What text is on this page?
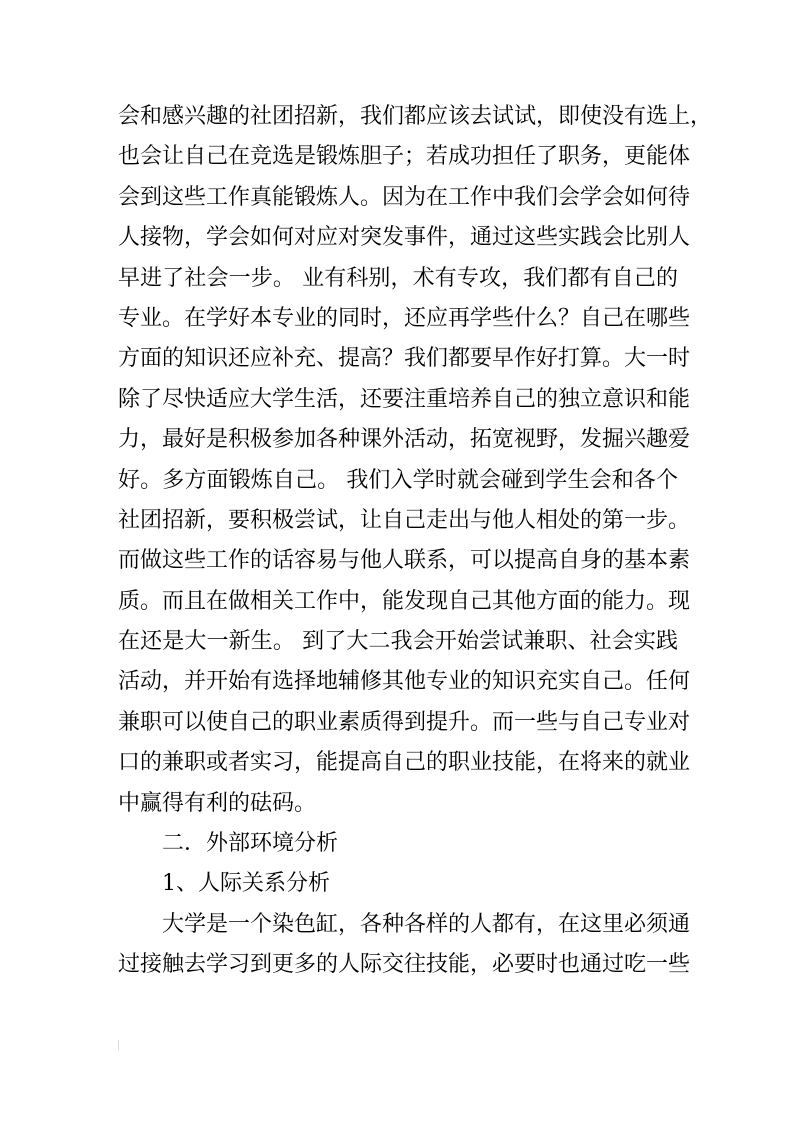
会和感兴趣的社团招新，我们都应该去试试，即使没有选上，
也会让自己在竞选是锻炼胆子；若成功担任了职务，更能体
会到这些工作真能锻炼人。因为在工作中我们会学会如何待
人接物，学会如何对应对突发事件，通过这些实践会比别人
早进了社会一步。 业有科别，术有专攻，我们都有自己的
专业。在学好本专业的同时，还应再学些什么？自己在哪些
方面的知识还应补充、提高？我们都要早作好打算。大一时
除了尽快适应大学生活，还要注重培养自己的独立意识和能
力，最好是积极参加各种课外活动，拓宽视野，发掘兴趣爱
好。多方面锻炼自己。 我们入学时就会碰到学生会和各个
社团招新，要积极尝试，让自己走出与他人相处的第一步。
而做这些工作的话容易与他人联系，可以提高自身的基本素
质。而且在做相关工作中，能发现自己其他方面的能力。现
在还是大一新生。 到了大二我会开始尝试兼职、社会实践
活动，并开始有选择地辅修其他专业的知识充实自己。任何
兼职可以使自己的职业素质得到提升。而一些与自己专业对
口的兼职或者实习，能提高自己的职业技能，在将来的就业
中赢得有利的砝码。
二．外部环境分析
1、人际关系分析
大学是一个染色缸，各种各样的人都有，在这里必须通
过接触去学习到更多的人际交往技能，必要时也通过吃一些
